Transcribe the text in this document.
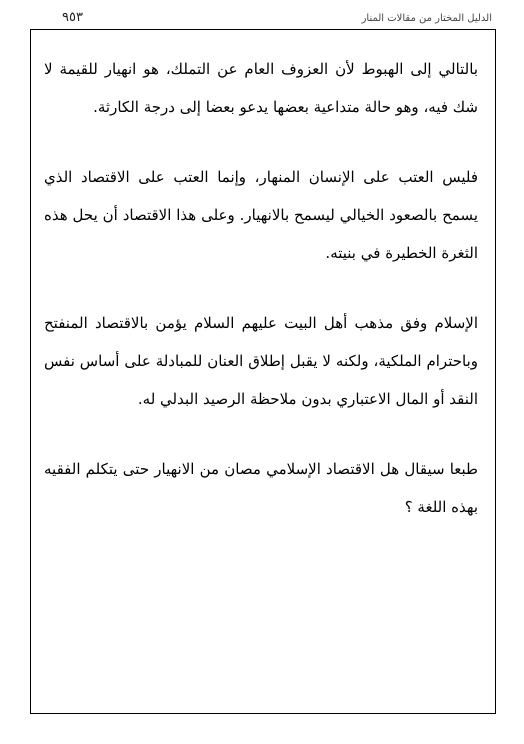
الدليل المختار من مقالات المنار
٩٥٣

بالتالي إلى الهبوط لأن العزوف العام عن التملك، هو انهيار للقيمة لا شك فيه، وهو حالة متداعية بعضها يدعو بعضا إلى درجة الكارثة.

فليس العتب على الإنسان المنهار، وإنما العتب على الاقتصاد الذي يسمح بالصعود الخيالي ليسمح بالانهيار. وعلى هذا الاقتصاد أن يحل هذه الثغرة الخطيرة في بنيته.

الإسلام وفق مذهب أهل البيت عليهم السلام يؤمن بالاقتصاد المنفتح وباحترام الملكية، ولكنه لا يقبل إطلاق العنان للمبادلة على أساس نفس النقد أو المال الاعتباري بدون ملاحظة الرصيد البدلي له.

طبعا سيقال هل الاقتصاد الإسلامي مصان من الانهيار حتى يتكلم الفقيه بهذه اللغة ؟
